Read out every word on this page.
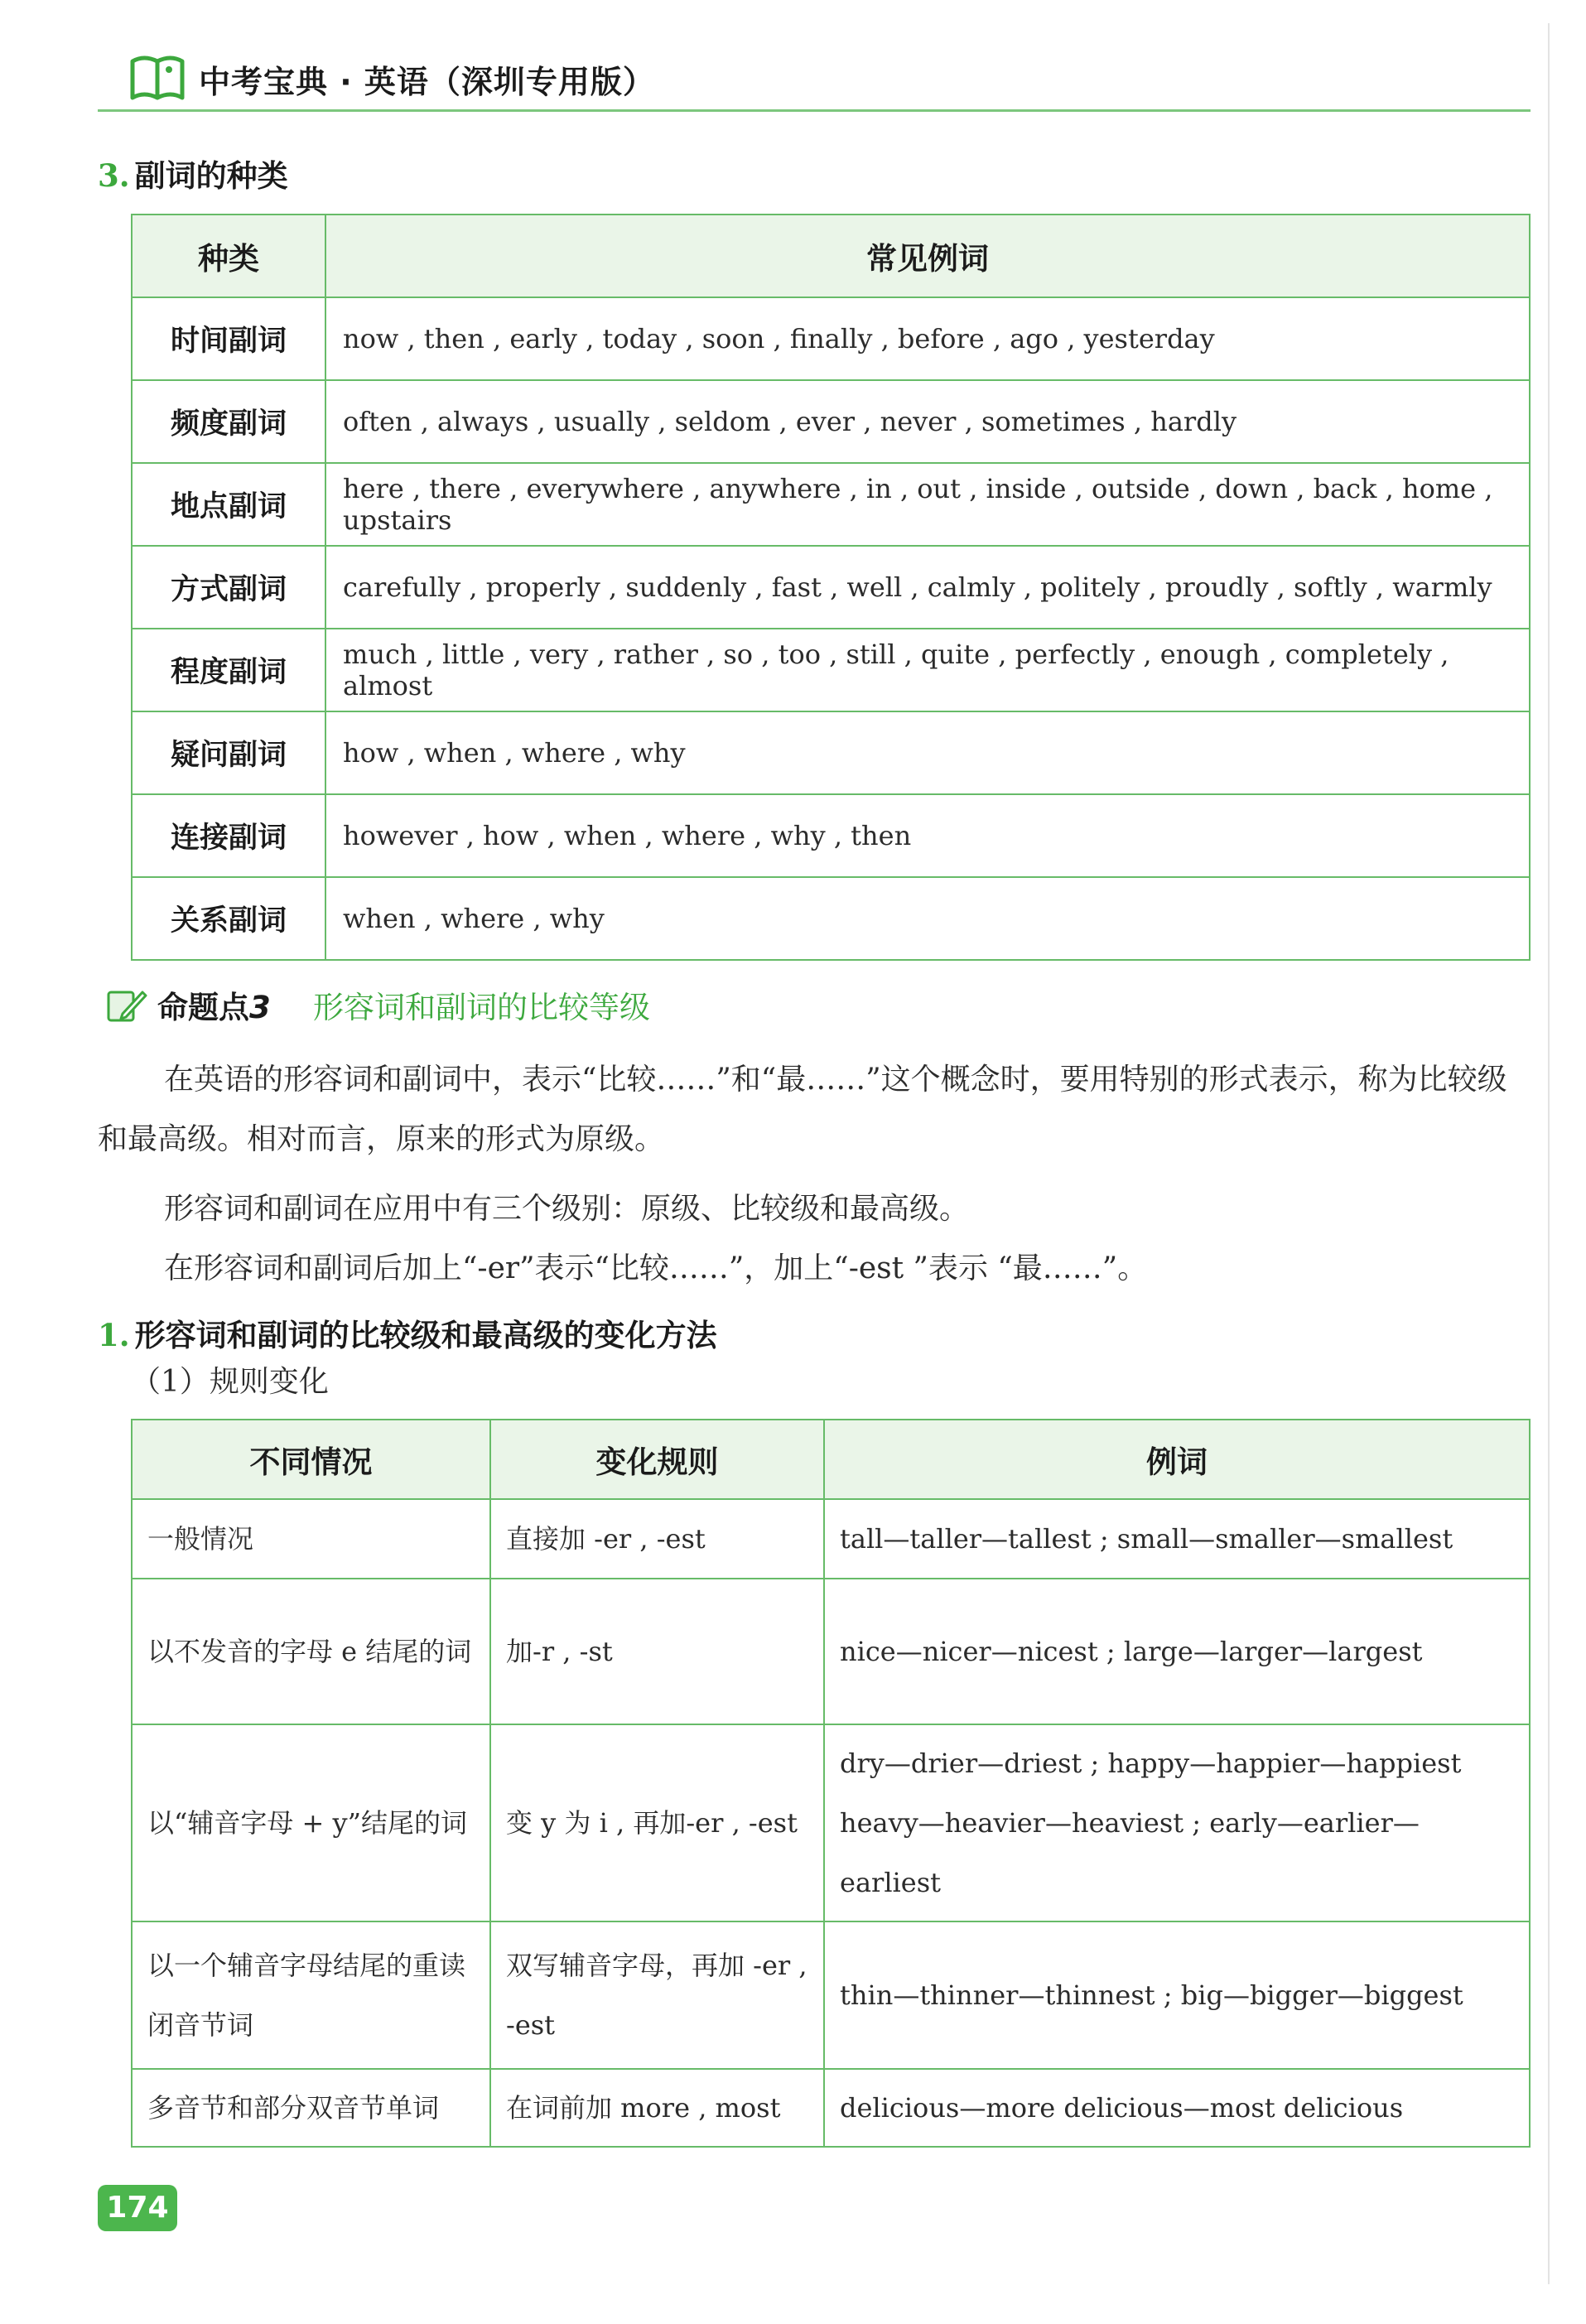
中考宝典 · 英语（深圳专用版）
3. 副词的种类
种类	常见例词
时间副词	now , then , early , today , soon , finally , before , ago , yesterday
频度副词	often , always , usually , seldom , ever , never , sometimes , hardly
地点副词	here , there , everywhere , anywhere , in , out , inside , outside , down , back , home , upstairs
方式副词	carefully , properly , suddenly , fast , well , calmly , politely , proudly , softly , warmly
程度副词	much , little , very , rather , so , too , still , quite , perfectly , enough , completely , almost
疑问副词	how , when , where , why
连接副词	however , how , when , where , why , then
关系副词	when , where , why
命题点3 形容词和副词的比较等级
在英语的形容词和副词中，表示“比较……”和“最……”这个概念时，要用特别的形式表示，称为比较级和最高级。相对而言，原来的形式为原级。
形容词和副词在应用中有三个级别：原级、比较级和最高级。
在形容词和副词后加上“-er”表示“比较……”，加上“-est ”表示 “最……”。
1. 形容词和副词的比较级和最高级的变化方法
（1）规则变化
不同情况	变化规则	例词
一般情况	直接加 -er , -est	tall—taller—tallest ; small—smaller—smallest
以不发音的字母 e 结尾的词	加-r , -st	nice—nicer—nicest ; large—larger—largest
以“辅音字母 + y”结尾的词	变 y 为 i , 再加-er , -est	dry—drier—driest ; happy—happier—happiest
heavy—heavier—heaviest ; early—earlier—earliest

以一个辅音字母结尾的重读闭音节词	双写辅音字母，再加 -er , -est	thin—thinner—thinnest ; big—bigger—biggest
多音节和部分双音节单词	在词前加 more , most	delicious—more delicious—most delicious
174
